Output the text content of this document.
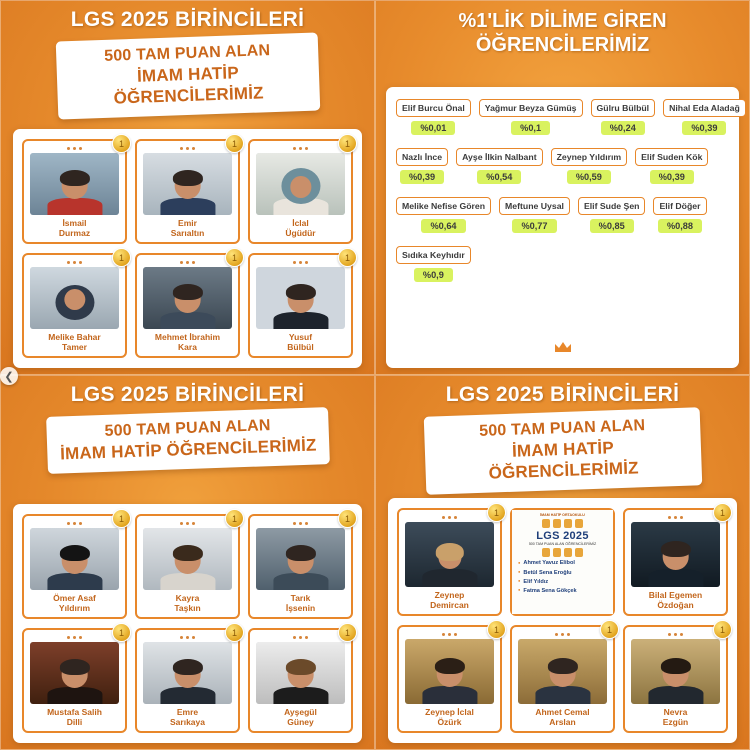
LGS 2025 BİRİNCİLERİ
500 TAM PUAN ALAN
İMAM HATİP ÖĞRENCİLERİMİZ
1
İsmail
Durmaz
1
Emir
Sarıaltın
1
İclal
Ügüdür
1
Melike Bahar
Tamer
1
Mehmet İbrahim
Kara
1
Yusuf
Bülbül
%1'LİK DİLİME GİREN
ÖĞRENCİLERİMİZ
Elif Burcu Önal
%0,01
Yağmur Beyza Gümüş
%0,1
Gülru Bülbül
%0,24
Nihal Eda Aladağ
%0,39
Nazlı İnce
%0,39
Ayşe İlkin Nalbant
%0,54
Zeynep Yıldırım
%0,59
Elif Suden Kök
%0,39
Melike Nefise Gören
%0,64
Meftune Uysal
%0,77
Elif Sude Şen
%0,85
Elif Döğer
%0,88
Sıdıka Keyhıdır
%0,9
LGS 2025 BİRİNCİLERİ
500 TAM PUAN ALAN
İMAM HATİP ÖĞRENCİLERİMİZ
1
Ömer Asaf
Yıldırım
1
Kayra
Taşkın
1
Tarık
İşsenin
1
Mustafa Salih
Dilli
1
Emre
Sarıkaya
1
Ayşegül
Güney
LGS 2025 BİRİNCİLERİ
500 TAM PUAN ALAN
İMAM HATİP ÖĞRENCİLERİMİZ
1
Zeynep
Demircan
İMAM HATİP ORTAOKULU
LGS 2025
500 TAM PUAN ALAN ÖĞRENCİLERİMİZ
● Ahmet Yavuz Elibol
● Betül Sena Eroğlu
● Elif Yıldız
● Fatma Sena Gökçek
1
Bilal Egemen
Özdoğan
1
Zeynep İclal
Özürk
1
Ahmet Cemal
Arslan
1
Nevra
Ezgün
❮
